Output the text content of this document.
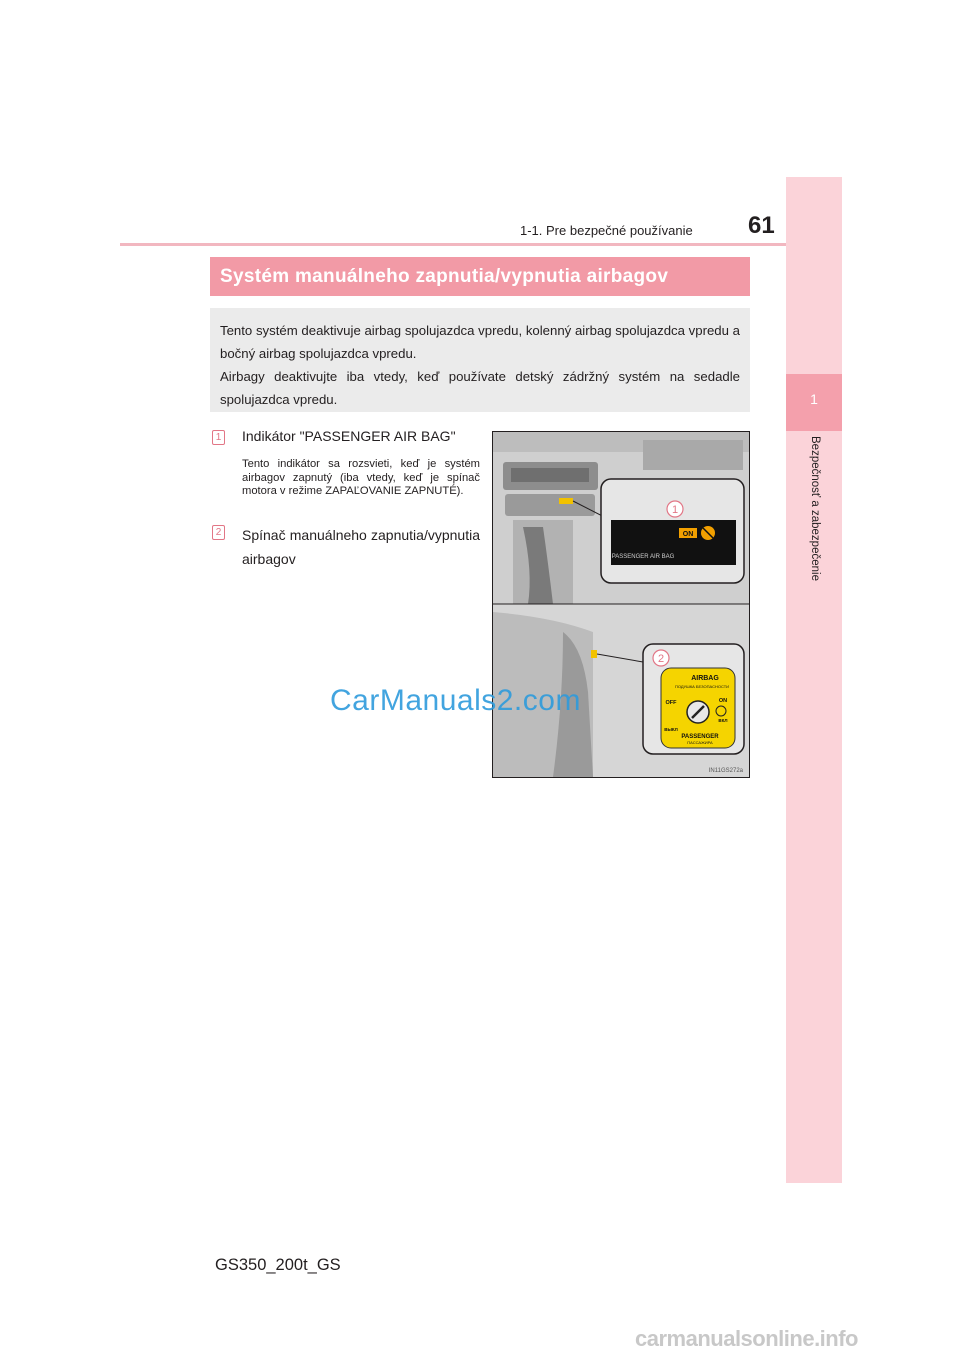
1-1. Pre bezpečné používanie 61
1
Bezpečnosť a zabezpečenie
Systém manuálneho zapnutia/vypnutia airbagov

Tento systém deaktivuje airbag spolujazdca vpredu, kolenný airbag spolujazdca vpredu a bočný airbag spolujazdca vpredu.

Airbagy deaktivujte iba vtedy, keď používate detský zádržný systém na sedadle spolujazdca vpredu.

1 Indikátor "PASSENGER AIR BAG"
Tento indikátor sa rozsvieti, keď je systém airbagov zapnutý (iba vtedy, keď je spínač motora v režime ZAPAĽOVANIE ZAPNUTÉ).
2 Spínač manuálneho zapnutia/vypnutia airbagov
ON
PASSENGER AIR BAG
1
AIRBAG
ПОДУШКА БЕЗОПАСНОСТИ
OFF
ВЫКЛ
ON
ВКЛ
PASSENGER
ПАССАЖИРА
2
IN11GS272a
CarManuals2.com
GS350_200t_GS
carmanualsonline.info
